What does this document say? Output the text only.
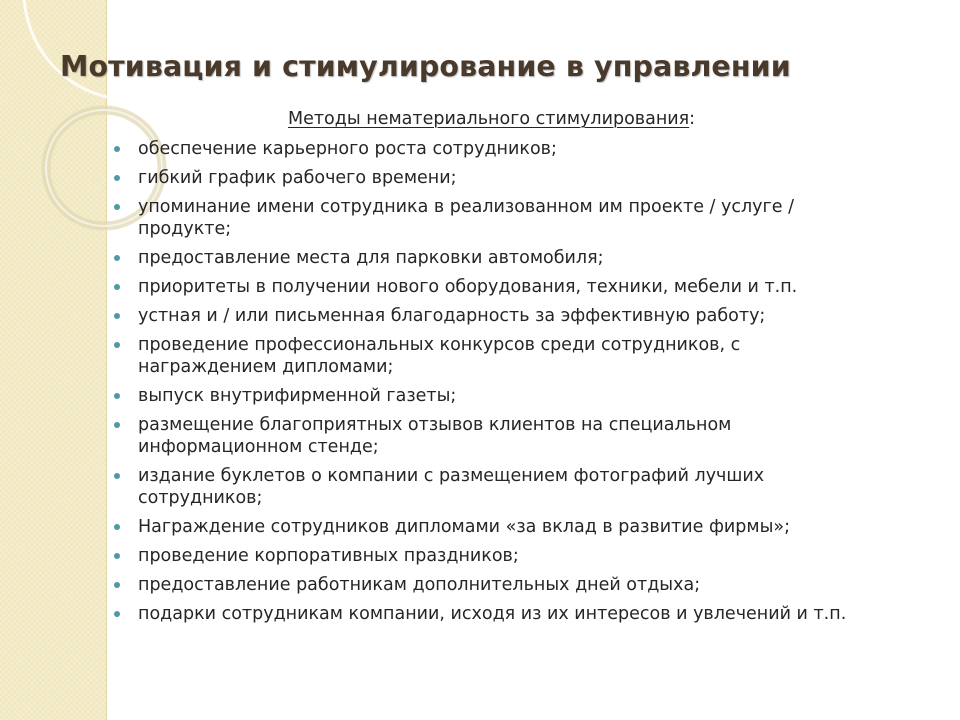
Мотивация и стимулирование в управлении
Методы нематериального стимулирования:
обеспечение карьерного роста сотрудников;
гибкий график рабочего времени;
упоминание имени сотрудника в реализованном им проекте / услуге /
продукте;
предоставление места для парковки автомобиля;
приоритеты в получении нового оборудования, техники, мебели и т.п.
устная и / или письменная благодарность за эффективную работу;
проведение профессиональных конкурсов среди сотрудников, с
награждением дипломами;
выпуск внутрифирменной газеты;
размещение благоприятных отзывов клиентов на специальном
информационном стенде;
издание буклетов о компании с размещением фотографий лучших
сотрудников;
Награждение сотрудников дипломами «за вклад в развитие фирмы»;
проведение корпоративных праздников;
предоставление работникам дополнительных дней отдыха;
подарки сотрудникам компании, исходя из их интересов и увлечений и т.п.
